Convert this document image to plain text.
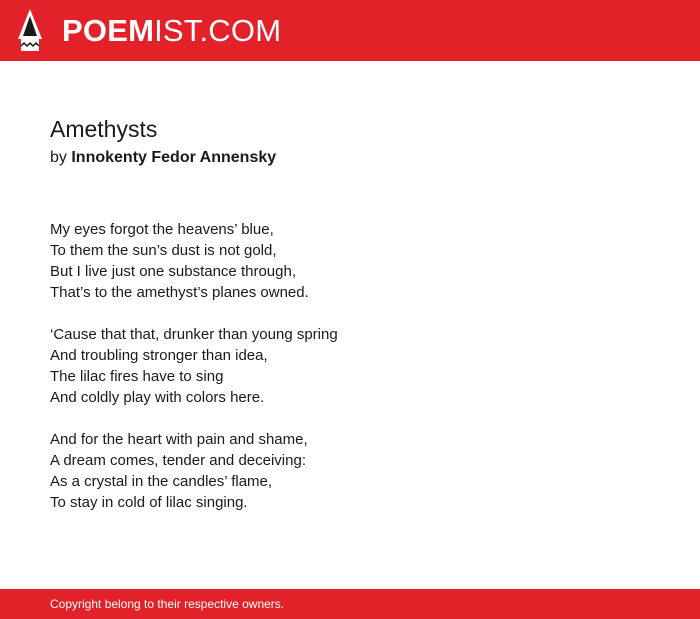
POEMIST.COM
Amethysts
by Innokenty Fedor Annensky
My eyes forgot the heavens’ blue,
To them the sun’s dust is not gold,
But I live just one substance through,
That’s to the amethyst’s planes owned.
‘Cause that that, drunker than young spring
And troubling stronger than idea,
The lilac fires have to sing
And coldly play with colors here.
And for the heart with pain and shame,
A dream comes, tender and deceiving:
As a crystal in the candles’ flame,
To stay in cold of lilac singing.
Copyright belong to their respective owners.
